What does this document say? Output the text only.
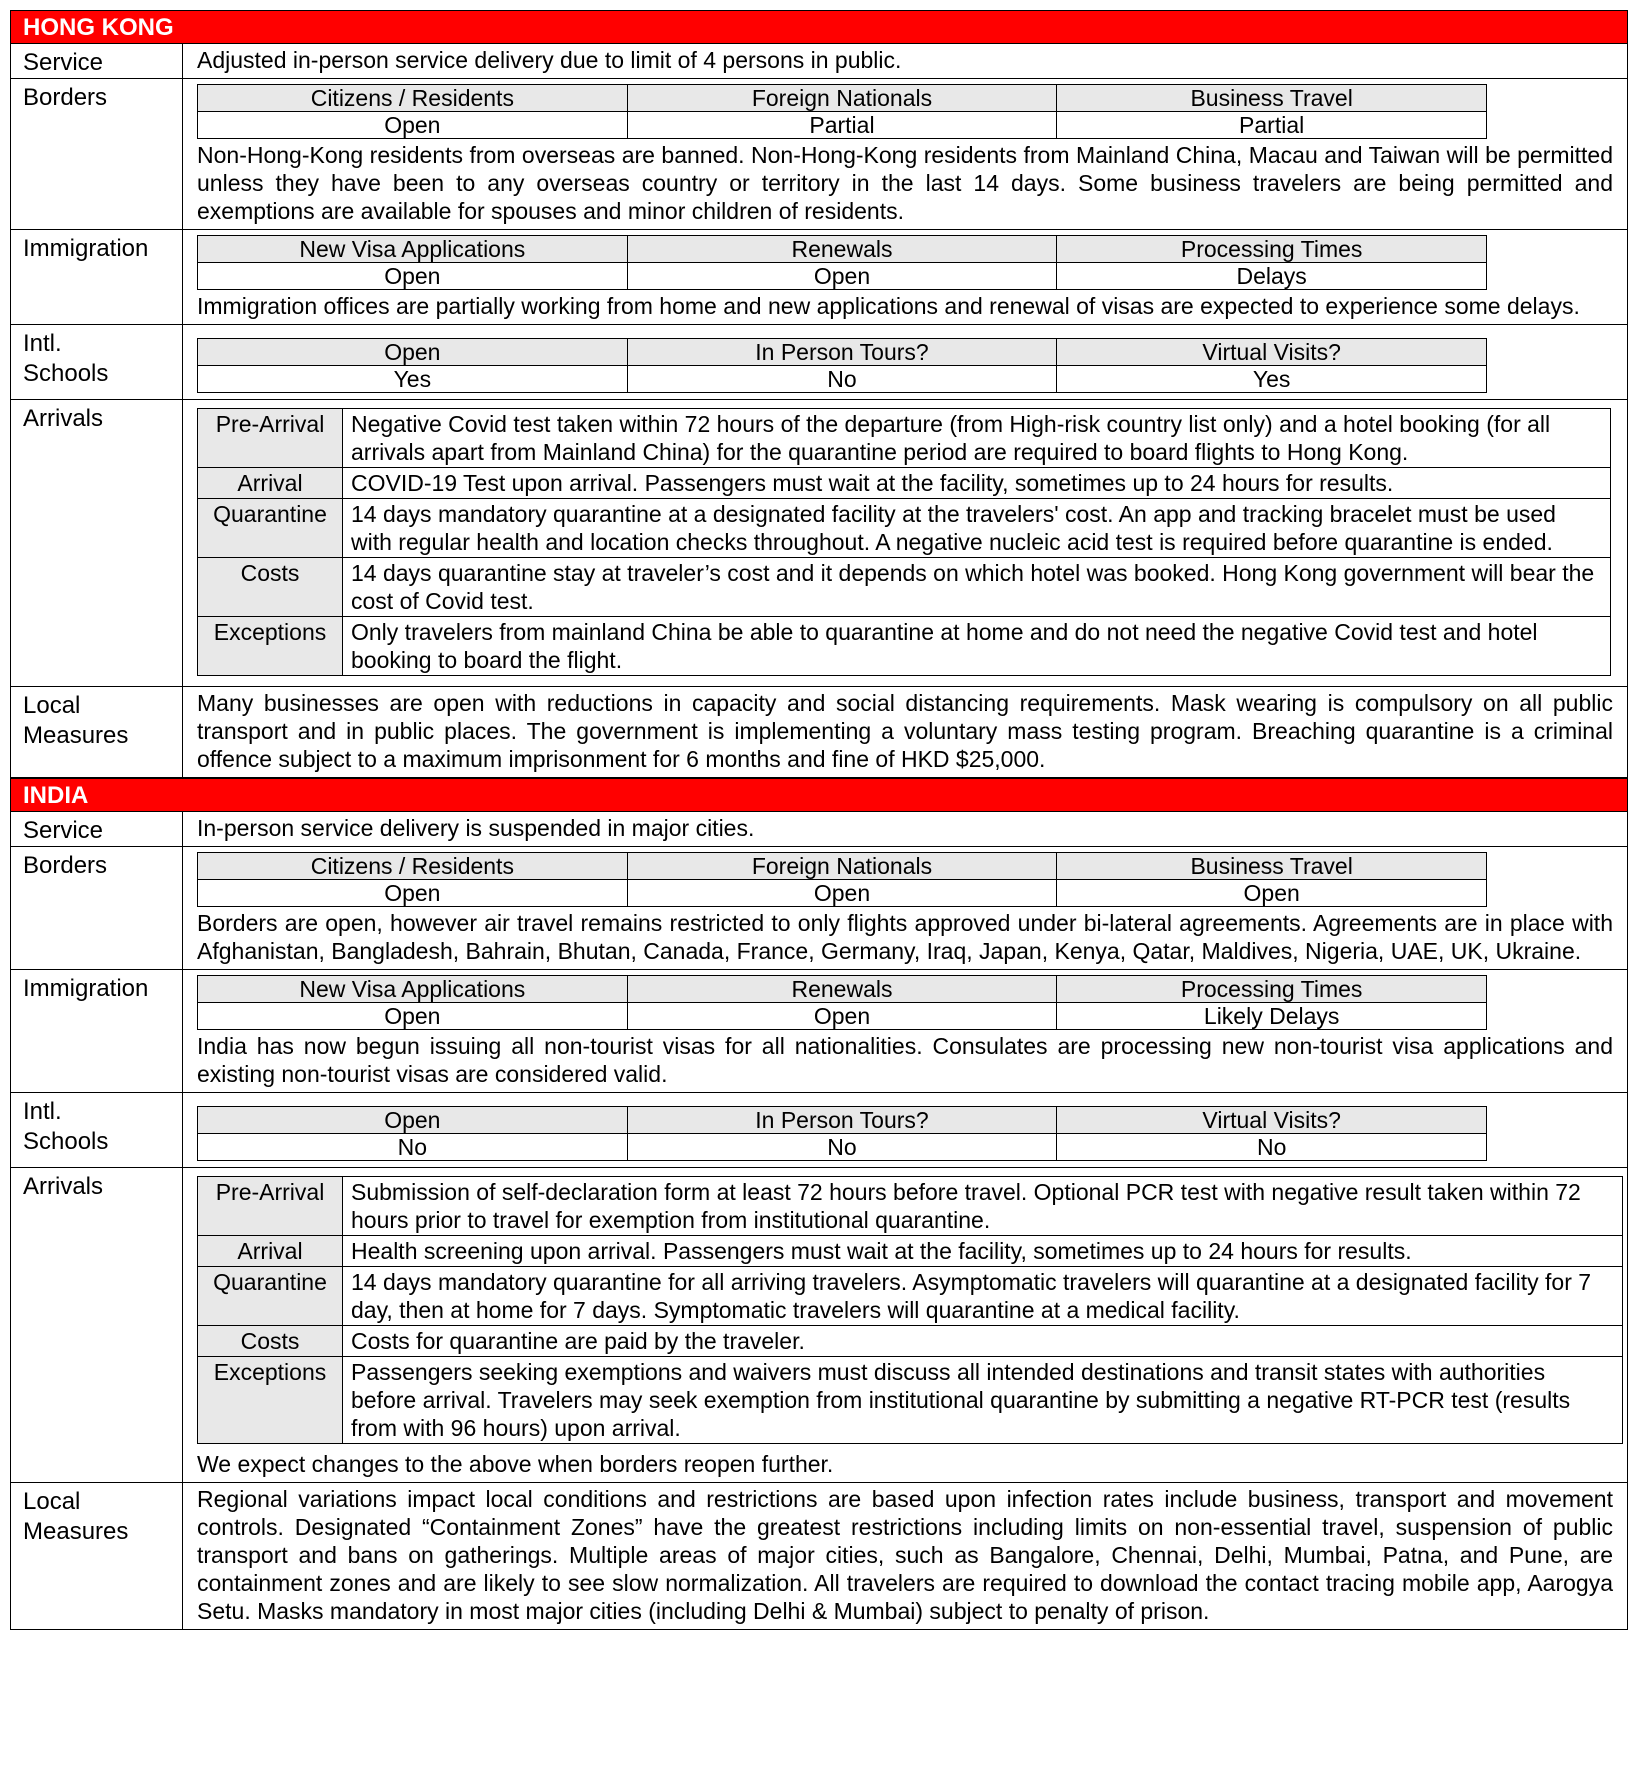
HONG KONG
Service	Adjusted in-person service delivery due to limit of 4 persons in public.
Borders	Citizens / Residents	Foreign Nationals	Business Travel
Open	Partial	Partial
Non-Hong-Kong residents from overseas are banned. Non-Hong-Kong residents from Mainland China, Macau and Taiwan will be permitted unless they have been to any overseas country or territory in the last 14 days. Some business travelers are being permitted and exemptions are available for spouses and minor children of residents.
Immigration	New Visa Applications	Renewals	Processing Times
Open	Open	Delays
Immigration offices are partially working from home and new applications and renewal of visas are expected to experience some delays.
Intl.
Schools
Open	In Person Tours?	Virtual Visits?
Yes	No	Yes
Arrivals	Pre-Arrival	Negative Covid test taken within 72 hours of the departure (from High-risk country list only) and a hotel booking (for all arrivals apart from Mainland China) for the quarantine period are required to board flights to Hong Kong.
Arrival	COVID-19 Test upon arrival. Passengers must wait at the facility, sometimes up to 24 hours for results.
Quarantine	14 days mandatory quarantine at a designated facility at the travelers' cost. An app and tracking bracelet must be used with regular health and location checks throughout. A negative nucleic acid test is required before quarantine is ended.
Costs	14 days quarantine stay at traveler’s cost and it depends on which hotel was booked. Hong Kong government will bear the cost of Covid test.
Exceptions	Only travelers from mainland China be able to quarantine at home and do not need the negative Covid test and hotel booking to board the flight.
Local
Measures
Many businesses are open with reductions in capacity and social distancing requirements. Mask wearing is compulsory on all public transport and in public places. The government is implementing a voluntary mass testing program. Breaching quarantine is a criminal offence subject to a maximum imprisonment for 6 months and fine of HKD $25,000.
INDIA
Service	In-person service delivery is suspended in major cities.
Borders	Citizens / Residents	Foreign Nationals	Business Travel
Open	Open	Open
Borders are open, however air travel remains restricted to only flights approved under bi-lateral agreements. Agreements are in place with Afghanistan, Bangladesh, Bahrain, Bhutan, Canada, France, Germany, Iraq, Japan, Kenya, Qatar, Maldives, Nigeria, UAE, UK, Ukraine.
Immigration	New Visa Applications	Renewals	Processing Times
Open	Open	Likely Delays
India has now begun issuing all non-tourist visas for all nationalities. Consulates are processing new non-tourist visa applications and existing non-tourist visas are considered valid.
Intl.
Schools
Open	In Person Tours?	Virtual Visits?
No	No	No
Arrivals	Pre-Arrival	Submission of self-declaration form at least 72 hours before travel. Optional PCR test with negative result taken within 72 hours prior to travel for exemption from institutional quarantine.
Arrival	Health screening upon arrival. Passengers must wait at the facility, sometimes up to 24 hours for results.
Quarantine	14 days mandatory quarantine for all arriving travelers. Asymptomatic travelers will quarantine at a designated facility for 7 day, then at home for 7 days. Symptomatic travelers will quarantine at a medical facility.
Costs	Costs for quarantine are paid by the traveler.
Exceptions	Passengers seeking exemptions and waivers must discuss all intended destinations and transit states with authorities before arrival. Travelers may seek exemption from institutional quarantine by submitting a negative RT-PCR test (results from with 96 hours) upon arrival.
We expect changes to the above when borders reopen further.
Local
Measures
Regional variations impact local conditions and restrictions are based upon infection rates include business, transport and movement controls. Designated “Containment Zones” have the greatest restrictions including limits on non-essential travel, suspension of public transport and bans on gatherings. Multiple areas of major cities, such as Bangalore, Chennai, Delhi, Mumbai, Patna, and Pune, are containment zones and are likely to see slow normalization. All travelers are required to download the contact tracing mobile app, Aarogya Setu. Masks mandatory in most major cities (including Delhi & Mumbai) subject to penalty of prison.
